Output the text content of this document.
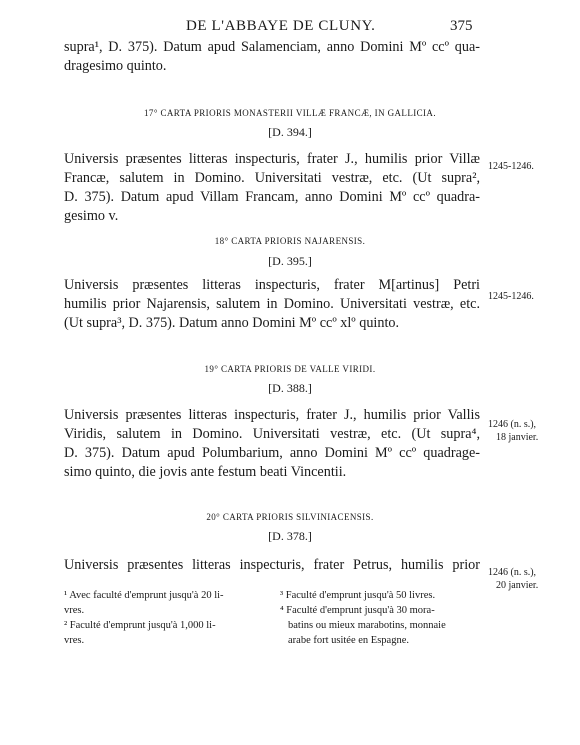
DE L'ABBAYE DE CLUNY.	375
supra¹, D. 375). Datum apud Salamenciam, anno Domini Mº ccº qua-
dragesimo quinto.
17° CARTA PRIORIS MONASTERII VILLÆ FRANCÆ, IN GALLICIA.
[D. 394.]
Universis præsentes litteras inspecturis, frater J., humilis prior Villæ
Francæ, salutem in Domino. Universitati vestræ, etc. (Ut supra²,
D. 375). Datum apud Villam Francam, anno Domini Mº ccº quadra-
gesimo v.
1245-1246.
18° CARTA PRIORIS NAJARENSIS.
[D. 395.]
Universis præsentes litteras inspecturis, frater M[artinus] Petri
humilis prior Najarensis, salutem in Domino. Universitati vestræ, etc.
(Ut supra³, D. 375). Datum anno Domini Mº ccº xlº quinto.
1245-1246.
19° CARTA PRIORIS DE VALLE VIRIDI.
[D. 388.]
Universis præsentes litteras inspecturis, frater J., humilis prior Vallis
Viridis, salutem in Domino. Universitati vestræ, etc. (Ut supra⁴,
D. 375). Datum apud Polumbarium, anno Domini Mº ccº quadrage-
simo quinto, die jovis ante festum beati Vincentii.
1246 (n. s.),
18 janvier.
20° CARTA PRIORIS SILVINIACENSIS.
[D. 378.]
Universis præsentes litteras inspecturis, frater Petrus, humilis prior 1246 (n. s.),
20 janvier.
¹ Avec faculté d'emprunt jusqu'à 20 li-
vres.
² Faculté d'emprunt jusqu'à 1,000 li-
vres.
³ Faculté d'emprunt jusqu'à 50 livres.
⁴ Faculté d'emprunt jusqu'à 30 mora-
batins ou mieux marabotins, monnaie
arabe fort usitée en Espagne.
